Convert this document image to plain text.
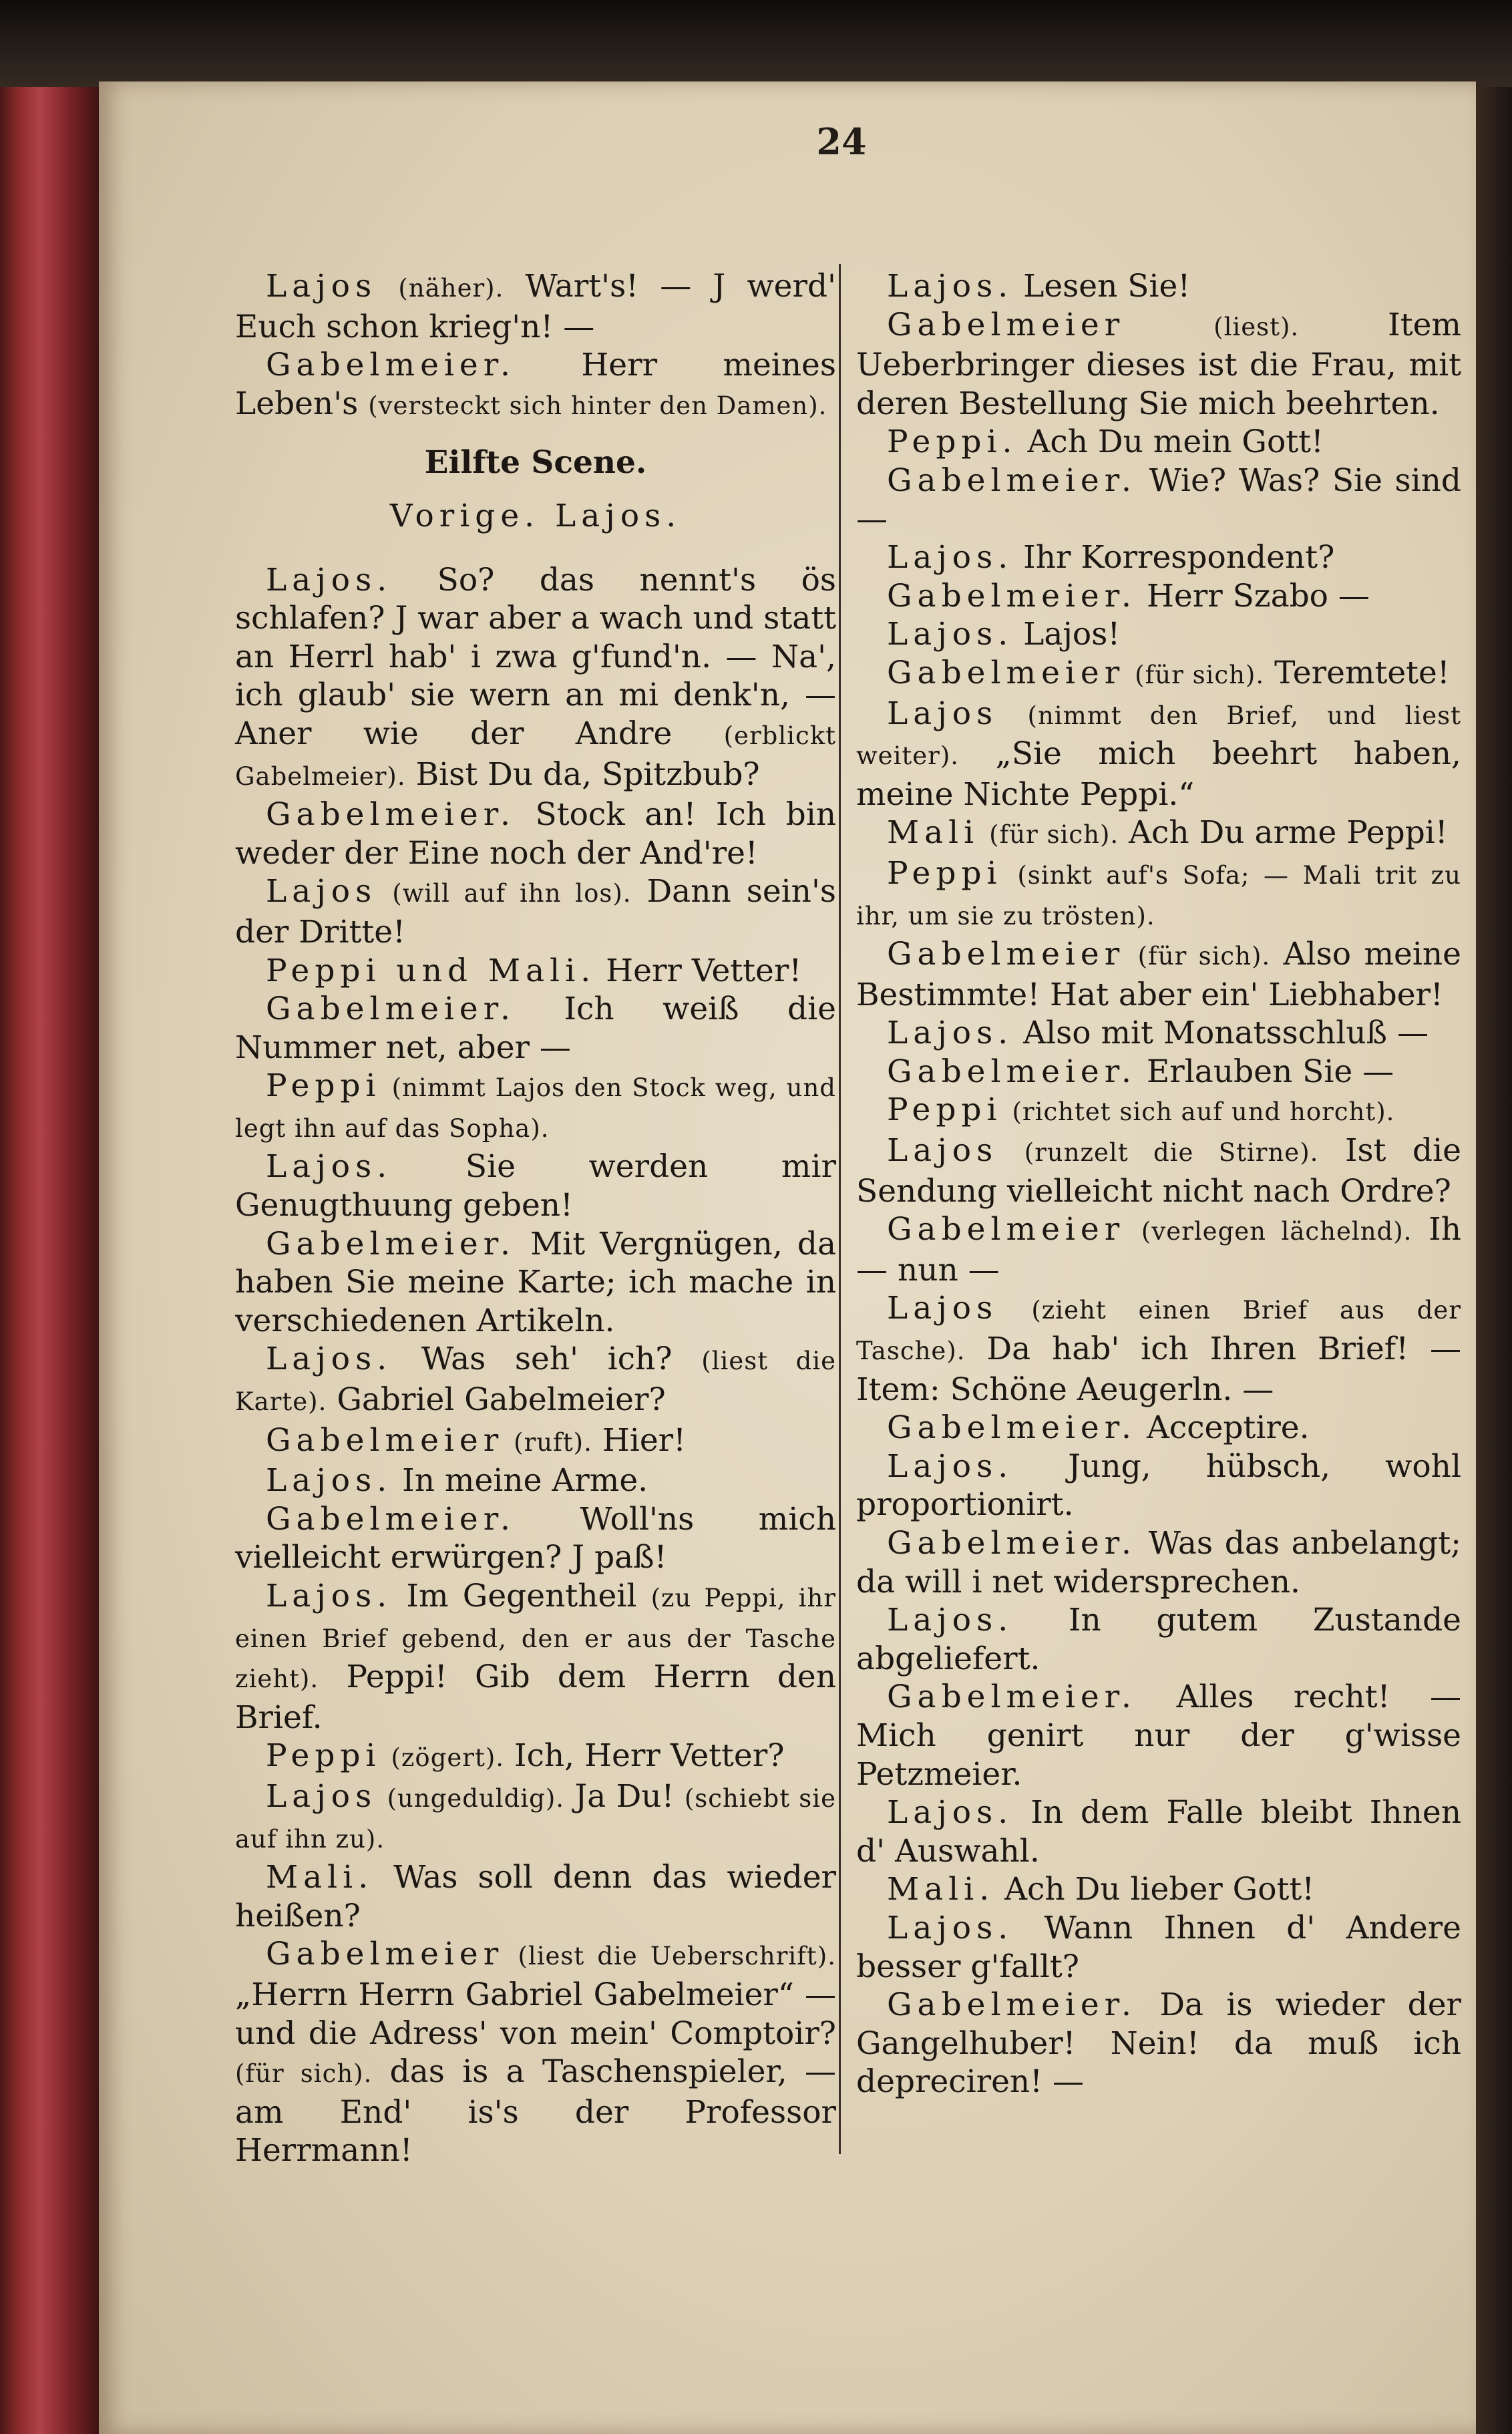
24

Lajos (näher). Wart's! — J werd' Euch schon krieg'n! —

Gabelmeier. Herr meines Leben's (versteckt sich hinter den Damen).

Eilfte Scene.

Vorige. Lajos.

Lajos. So? das nennt's ös schlafen? J war aber a wach und statt an Herrl hab' i zwa g'fund'n. — Na', ich glaub' sie wern an mi denk'n, — Aner wie der Andre (erblickt Gabelmeier). Bist Du da, Spitzbub?

Gabelmeier. Stock an! Ich bin weder der Eine noch der And're!

Lajos (will auf ihn los). Dann sein's der Dritte!

Peppi und Mali. Herr Vetter!

Gabelmeier. Ich weiß die Nummer net, aber —

Peppi (nimmt Lajos den Stock weg, und legt ihn auf das Sopha).

Lajos. Sie werden mir Genugthuung geben!

Gabelmeier. Mit Vergnügen, da haben Sie meine Karte; ich mache in verschiedenen Artikeln.

Lajos. Was seh' ich? (liest die Karte). Gabriel Gabelmeier?

Gabelmeier (ruft). Hier!

Lajos. In meine Arme.

Gabelmeier. Woll'ns mich vielleicht erwürgen? J paß!

Lajos. Im Gegentheil (zu Peppi, ihr einen Brief gebend, den er aus der Tasche zieht). Peppi! Gib dem Herrn den Brief.

Peppi (zögert). Ich, Herr Vetter?

Lajos (ungeduldig). Ja Du! (schiebt sie auf ihn zu).

Mali. Was soll denn das wieder heißen?

Gabelmeier (liest die Ueberschrift). „Herrn Herrn Gabriel Gabelmeier“ — und die Adress' von mein' Comptoir? (für sich). das is a Taschenspieler, — am End' is's der Professor Herrmann!

Lajos. Lesen Sie!

Gabelmeier	(liest).	Item Ueberbringer dieses ist die Frau, mit deren Bestellung Sie mich beehrten.

Peppi. Ach Du mein Gott!

Gabelmeier. Wie? Was? Sie sind —

Lajos. Ihr Korrespondent?

Gabelmeier. Herr Szabo —

Lajos. Lajos!

Gabelmeier (für sich). Teremtete!

Lajos (nimmt den Brief, und liest weiter). „Sie mich beehrt haben, meine Nichte Peppi.“

Mali (für sich). Ach Du arme Peppi!

Peppi (sinkt auf's Sofa; — Mali trit zu ihr, um sie zu trösten).

Gabelmeier (für sich). Also meine Bestimmte! Hat aber ein' Liebhaber!

Lajos. Also mit Monatsschluß —

Gabelmeier. Erlauben Sie —

Peppi (richtet sich auf und horcht).

Lajos (runzelt die Stirne). Ist die Sendung vielleicht nicht nach Ordre?

Gabelmeier (verlegen lächelnd). Ih — nun —

Lajos (zieht einen Brief aus der Tasche). Da hab' ich Ihren Brief! — Item: Schöne Aeugerln. —

Gabelmeier. Acceptire.

Lajos. Jung, hübsch, wohl proportionirt.

Gabelmeier. Was das anbelangt; da will i net widersprechen.

Lajos. In gutem Zustande abgeliefert.

Gabelmeier. Alles recht! — Mich genirt nur der g'wisse Petzmeier.

Lajos. In dem Falle bleibt Ihnen d' Auswahl.

Mali. Ach Du lieber Gott!

Lajos. Wann Ihnen d' Andere besser g'fallt?

Gabelmeier. Da is wieder der Gangelhuber! Nein! da muß ich depreciren! —
